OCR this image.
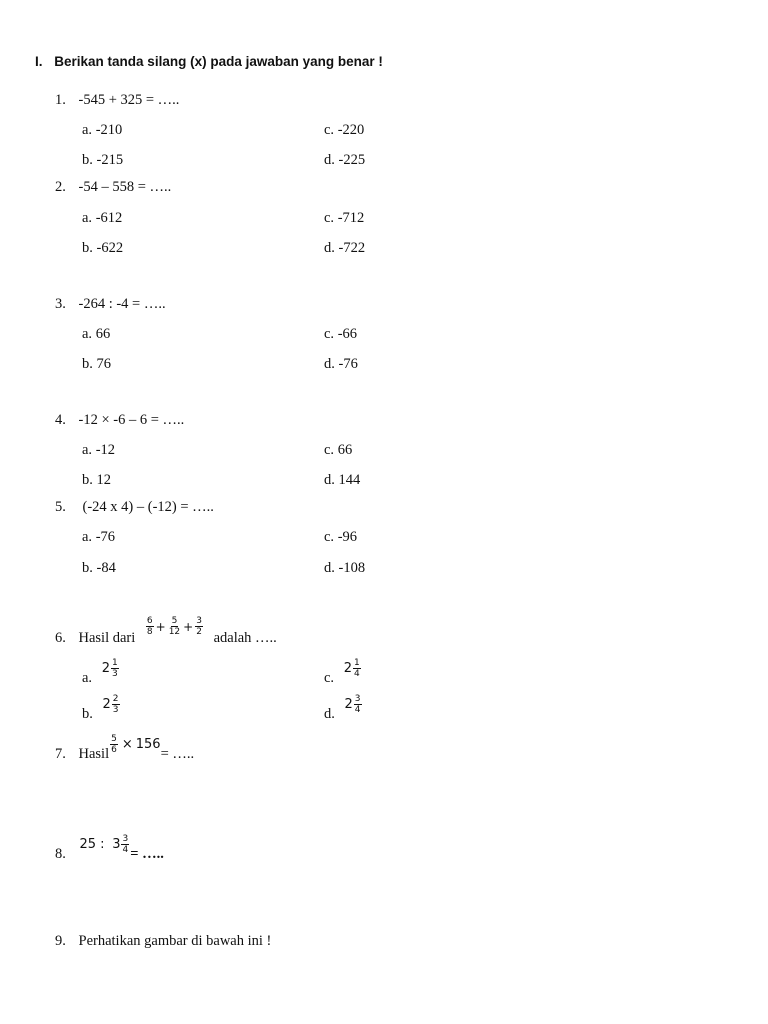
I. Berikan tanda silang (x) pada jawaban yang benar !
1. -545 + 325 = …..
a. -210
b. -215
c. -220
d. -225
2. -54 – 558 = …..
a. -612
b. -622
c. -712
d. -722
3. -264 : -4 = …..
a. 66
b. 76
c. -66
d. -76
4. -12 × -6 – 6 = …..
a. -12
b. 12
c. 66
d. 144
5. (-24 x 4) – (-12) = …..
a. -76
b. -84
c. -96
d. -108
6. Hasil dari
$\frac{6}{8} + \frac{5}{12} + \frac{3}{2}$
adalah …..
a. $2 \frac{1}{3}$
b. $2 \frac{2}{3}$
c. $2 \frac{1}{4}$
d. $2 \frac{3}{4}$
7. Hasil $\frac{5}{6} \times 156=$ …..
8. 25 : $3 \frac{3}{4}$ = …..
9. Perhatikan gambar di bawah ini !
